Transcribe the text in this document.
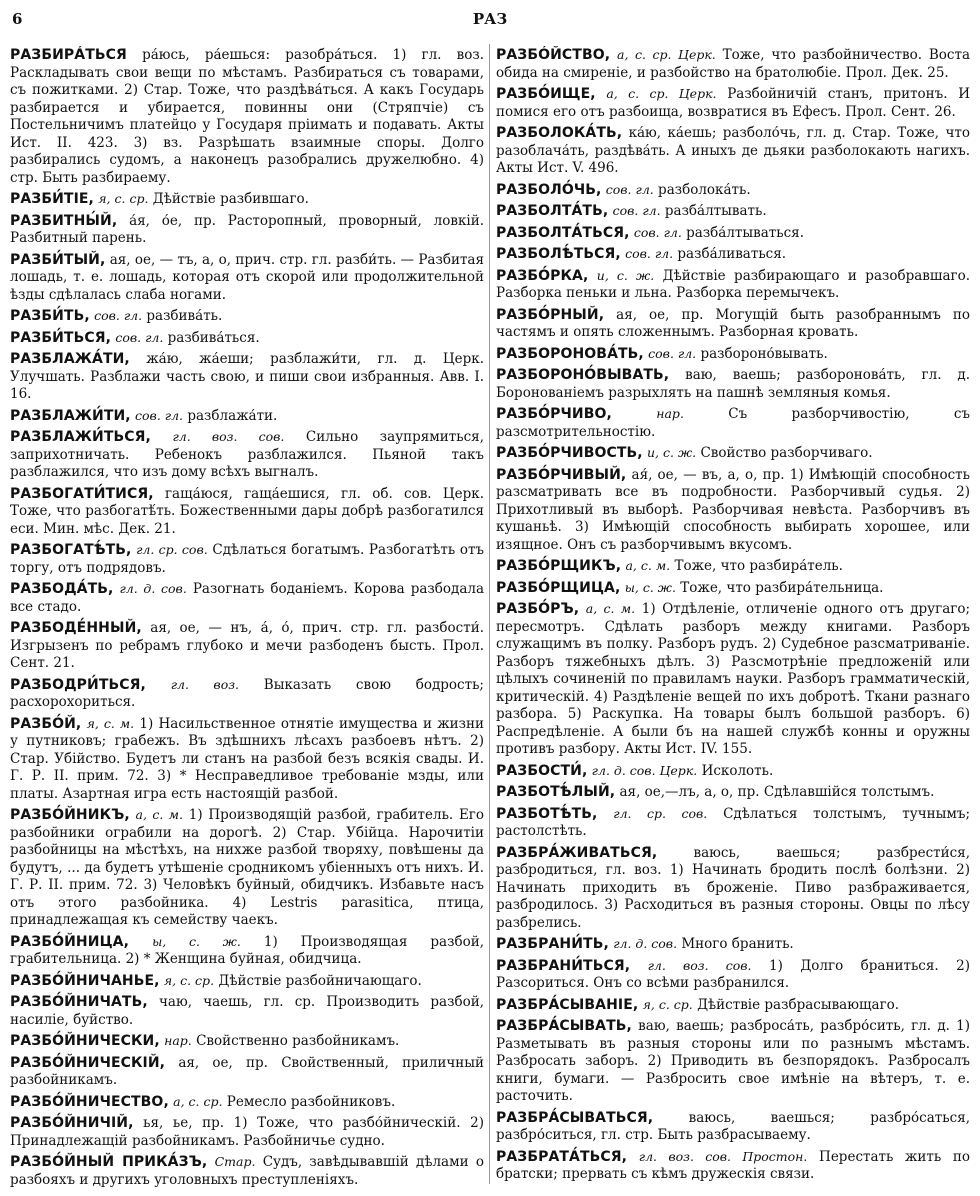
6	РАЗ

РАЗБИРА́ТЬСЯ ра́юсь, ра́ешься: разобра́ться. 1) гл. воз. Раскладывать свои вещи по мѣстамъ. Разбираться съ товарами, съ пожитками. 2) Стар. Тоже, что раздѣва́ться. А какъ Государь разбирается и убирается, повинны они (Стряпчіе) съ Постельничимъ платейцо у Государя пріимать и подавать. Акты Ист. II. 423. 3) вз. Разрѣшать взаимные споры. Долго разбирались судомъ, а наконецъ разобрались дружелюбно. 4) стр. Быть разбираему.

РАЗБИ́ТІЕ, я, с. ср. Дѣйствіе разбившаго.

РАЗБИТНЫ́Й, а́я, о́е, пр. Расторопный, проворный, ловкій. Разбитный парень.

РАЗБИ́ТЫЙ, ая, ое, — тъ, а, о, прич. стр. гл. разби́ть. — Разбитая лошадь, т. е. лошадь, которая отъ скорой или продолжительной ѣзды сдѣлалась слаба ногами.

РАЗБИ́ТЬ, сов. гл. разбива́ть.

РАЗБИ́ТЬСЯ, сов. гл. разбива́ться.

РАЗБЛАЖА́ТИ, жа́ю, жа́еши; разблажи́ти, гл. д. Церк. Улучшать. Разблажи часть свою, и пиши свои избранныя. Авв. I. 16.

РАЗБЛАЖИ́ТИ, сов. гл. разблажа́ти.

РАЗБЛАЖИ́ТЬСЯ, гл. воз. сов. Сильно заупрямиться, заприхотничать. Ребенокъ разблажился. Пьяной такъ разблажился, что изъ дому всѣхъ выгналъ.

РАЗБОГАТИ́ТИСЯ, гаща́юся, гаща́ешися, гл. об. сов. Церк. Тоже, что разбогатѣ́ть. Божественными дары добрѣ разбогатился еси. Мин. мѣс. Дек. 21.

РАЗБОГАТѢ́ТЬ, гл. ср. сов. Сдѣлаться богатымъ. Разбогатѣть отъ торгу, отъ подрядовъ.

РАЗБОДА́ТЬ, гл. д. сов. Разогнать боданіемъ. Корова разбодала все стадо.

РАЗБОДЕ́ННЫЙ, ая, ое, — нъ, а́, о́, прич. стр. гл. разбости́. Изгрызенъ по ребрамъ глубоко и мечи разбоденъ бысть. Прол. Сент. 21.

РАЗБОДРИ́ТЬСЯ, гл. воз. Выказать свою бодрость; расхорохориться.

РАЗБО́Й, я, с. м. 1) Насильственное отнятіе имущества и жизни у путниковъ; грабежъ. Въ здѣшнихъ лѣсахъ разбоевъ нѣтъ. 2) Стар. Убійство. Будетъ ли станъ на разбой безъ всякія свады. И. Г. Р. II. прим. 72. 3) * Несправедливое требованіе мзды, или платы. Азартная игра есть настоящій разбой.

РАЗБО́ЙНИКЪ, а, с. м. 1) Производящій разбой, грабитель. Его разбойники ограбили на дорогѣ. 2) Стар. Убійца. Нарочитіи разбойницы на мѣстѣхъ, на нихже разбой творяху, повѣшены да будутъ, ... да будетъ утѣшеніе сродникомъ убіенныхъ отъ нихъ. И. Г. Р. II. прим. 72. 3) Человѣкъ буйный, обидчикъ. Избавьте насъ отъ этого разбойника. 4) Lestris parasitica, птица, принадлежащая къ семейству чаекъ.

РАЗБО́ЙНИЦА, ы, с. ж. 1) Производящая разбой, грабительница. 2) * Женщина буйная, обидчица.

РАЗБО́ЙНИЧАНЬЕ, я, с. ср. Дѣйствіе разбойничающаго.

РАЗБО́ЙНИЧАТЬ, чаю, чаешь, гл. ср. Производить разбой, насиліе, буйство.

РАЗБО́ЙНИЧЕСКИ, нар. Свойственно разбойникамъ.

РАЗБО́ЙНИЧЕСКІЙ, ая, ое, пр. Свойственный, приличный разбойникамъ.

РАЗБО́ЙНИЧЕСТВО, а, с. ср. Ремесло разбойниковъ.

РАЗБО́ЙНИЧІЙ, ья, ье, пр. 1) Тоже, что разбо́йническій. 2) Принадлежащій разбойникамъ. Разбойничье судно.

РАЗБО́ЙНЫЙ ПРИКА́ЗЪ, Стар. Судъ, завѣдывавшій дѣлами о разбояхъ и другихъ уголовныхъ преступленіяхъ.

РАЗБО́ЙСТВО, а, с. ср. Церк. Тоже, что разбойничество. Воста обида на смиреніе, и разбойство на братолюбіе. Прол. Дек. 25.

РАЗБО́ИЩЕ, а, с. ср. Церк. Разбойничій станъ, притонъ. И помися его отъ разбоища, возвратися въ Ефесъ. Прол. Сент. 26.

РАЗБОЛОКА́ТЬ, ка́ю, ка́ешь; разболо́чь, гл. д. Стар. Тоже, что разоблача́ть, раздѣва́ть. А иныхъ де дьяки разболокають нагихъ. Акты Ист. V. 496.

РАЗБОЛО́ЧЬ, сов. гл. разболока́ть.

РАЗБОЛТА́ТЬ, сов. гл. разба́лтывать.

РАЗБОЛТА́ТЬСЯ, сов. гл. разба́лтываться.

РАЗБОЛѢ́ТЬСЯ, сов. гл. разба́ливаться.

РАЗБО́РКА, и, с. ж. Дѣйствіе разбирающаго и разобравшаго. Разборка пеньки и льна. Разборка перемычекъ.

РАЗБО́РНЫЙ, ая, ое, пр. Могущій быть разобраннымъ по частямъ и опять сложеннымъ. Разборная кровать.

РАЗБОРОНОВА́ТЬ, сов. гл. разбороно́вывать.

РАЗБОРОНО́ВЫВАТЬ, ваю, ваешь; разборонова́ть, гл. д. Боронованіемъ разрыхлять на пашнѣ земляныя комья.

РАЗБО́РЧИВО,	нар.	Съ разборчивостію, съ разсмотрительностію.

РАЗБО́РЧИВОСТЬ, и, с. ж. Свойство разборчиваго.

РАЗБО́РЧИВЫЙ, ая́, ое, — въ, а, о, пр. 1) Имѣющій способность разсматривать все въ подробности. Разборчивый судья. 2) Прихотливый въ выборѣ. Разборчивая невѣста. Разборчивъ въ кушаньѣ. 3) Имѣющій способность выбирать хорошее, или изящное. Онъ съ разборчивымъ вкусомъ.

РАЗБО́РЩИКЪ, а, с. м. Тоже, что разбира́тель.

РАЗБО́РЩИЦА, ы, с. ж. Тоже, что разбира́тельница.

РАЗБО́РЪ, а, с. м. 1) Отдѣленіе, отличеніе одного отъ другаго; пересмотръ. Сдѣлать разборъ между книгами. Разборъ служащимъ въ полку. Разборъ рудъ. 2) Судебное разсматриваніе. Разборъ тяжебныхъ дѣлъ. 3) Разсмотрѣніе предложеній или цѣлыхъ сочиненій по правиламъ науки. Разборъ грамматическій, критическій. 4) Раздѣленіе вещей по ихъ добротѣ. Ткани разнаго разбора. 5) Раскупка. На товары былъ большой разборъ. 6) Распредѣленіе. А были бъ на нашей службѣ конны и оружны противъ разбору. Акты Ист. IV. 155.

РАЗБОСТИ́, гл. д. сов. Церк. Исколоть.

РАЗБОТѢ́ЛЫЙ, ая, ое,—лъ, а, о, пр. Сдѣлавшійся толстымъ.

РАЗБОТѢ́ТЬ, гл. ср. сов. Сдѣлаться толстымъ, тучнымъ; растолстѣть.

РАЗБРА́ЖИВАТЬСЯ,	ваюсь, ваешься; разбрести́ся, разбродиться, гл. воз. 1) Начинать бродить послѣ болѣзни. 2) Начинать приходить въ броженіе. Пиво разбраживается, разбродилось. 3) Расходиться въ разныя стороны. Овцы по лѣсу разбрелись.

РАЗБРАНИ́ТЬ, гл. д. сов. Много бранить.

РАЗБРАНИ́ТЬСЯ, гл. воз. сов. 1) Долго браниться. 2) Разсориться. Онъ со всѣми разбранился.

РАЗБРА́СЫВАНІЕ, я, с. ср. Дѣйствіе разбрасывающаго.

РАЗБРА́СЫВАТЬ, ваю, ваешь; разброса́ть, разбро́сить, гл. д. 1) Разметывать въ разныя стороны или по разнымъ мѣстамъ. Разбросать заборъ. 2) Приводить въ безпорядокъ. Разбросалъ книги, бумаги. — Разбросить свое имѣніе на вѣтеръ, т. е. расточить.

РАЗБРА́СЫВАТЬСЯ,	ваюсь, ваешься; разбро́саться, разбро́ситься, гл. стр. Быть разбрасываему.

РАЗБРАТА́ТЬСЯ, гл. воз. сов. Простон. Перестать жить по братски; прервать съ кѣмъ дружескія связи.
